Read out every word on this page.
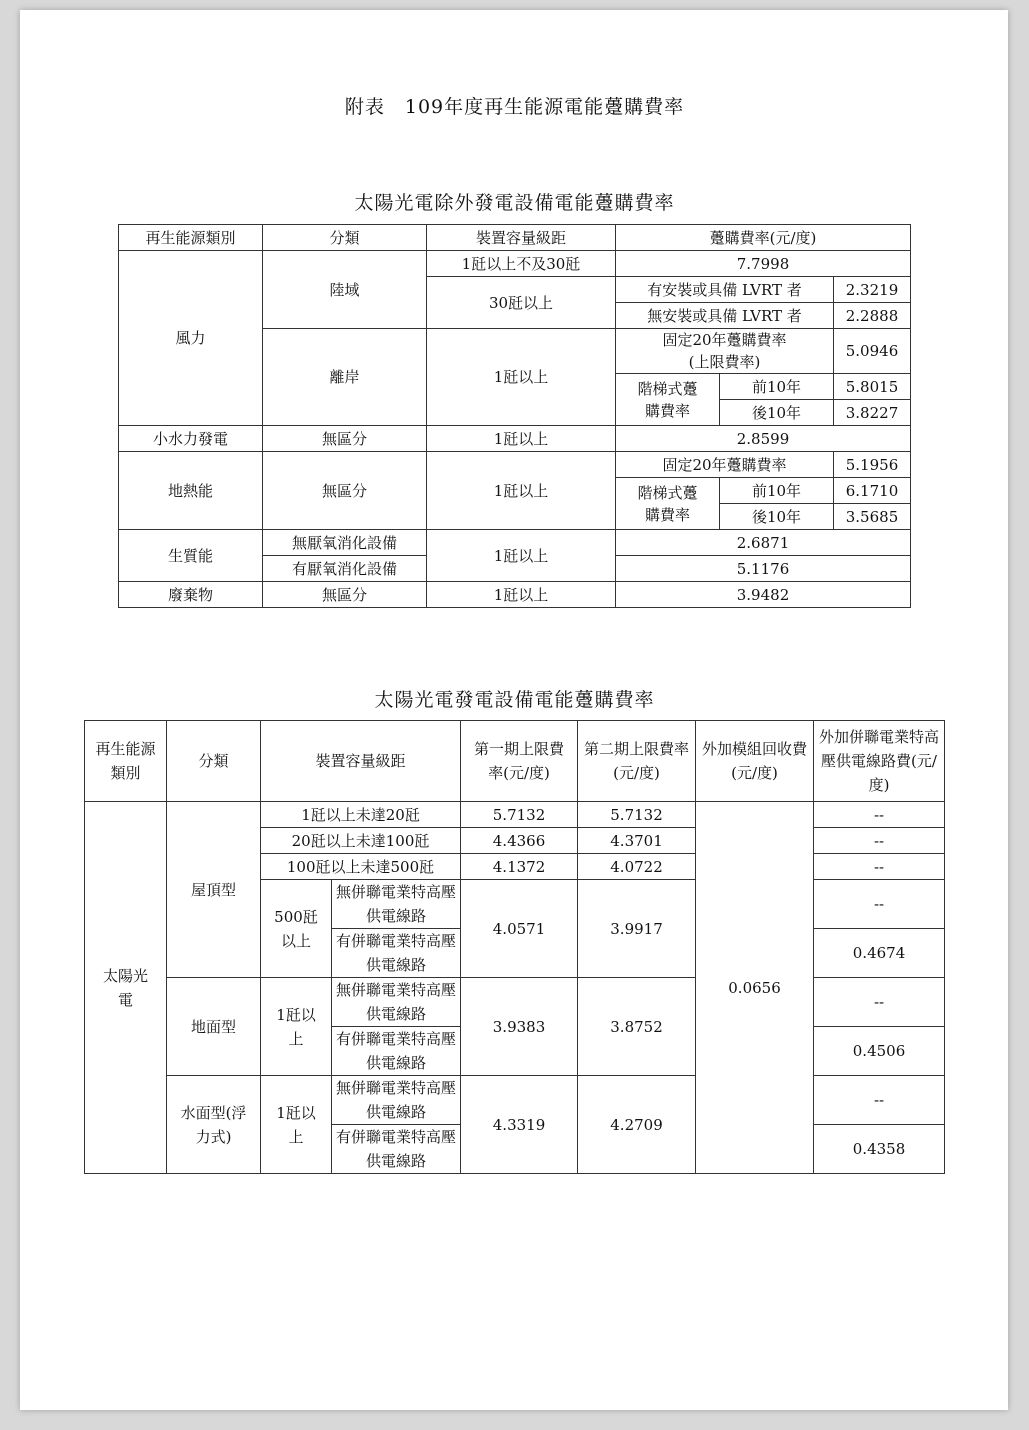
附表　109年度再生能源電能躉購費率
太陽光電除外發電設備電能躉購費率
再生能源類別	分類	裝置容量級距	躉購費率(元/度)		
風力	陸域	1瓩以上不及30瓩	7.7998		
		30瓩以上	有安裝或具備 LVRT 者		2.3219
			無安裝或具備 LVRT 者		2.2888
	離岸	1瓩以上	固定20年躉購費率(上限費率)		5.0946

			階梯式躉購費率	前10年	5.8015
				後10年	3.8227
小水力發電	無區分	1瓩以上	2.8599		
地熱能	無區分	1瓩以上	固定20年躉購費率		5.1956
			階梯式躉購費率	前10年	6.1710
				後10年	3.5685
生質能	無厭氧消化設備	1瓩以上	2.6871		
	有厭氧消化設備		5.1176		
廢棄物	無區分	1瓩以上	3.9482		
太陽光電發電設備電能躉購費率
再生能源類別	分類	裝置容量級距		第一期上限費率(元/度)	第二期上限費率(元/度)	外加模組回收費(元/度)	外加併聯電業特高壓供電線路費(元/度)
太陽光電	屋頂型	1瓩以上未達20瓩		5.7132	5.7132	0.0656	--
		20瓩以上未達100瓩		4.4366	4.3701		--
		100瓩以上未達500瓩		4.1372	4.0722		--
		500瓩以上	無併聯電業特高壓供電線路	4.0571	3.9917		--

			有併聯電業特高壓供電線路				0.4674

	地面型	1瓩以上	無併聯電業特高壓供電線路	3.9383	3.8752		--

			有併聯電業特高壓供電線路				0.4506

	水面型(浮力式)	1瓩以上	無併聯電業特高壓供電線路	4.3319	4.2709		--

			有併聯電業特高壓供電線路				0.4358
